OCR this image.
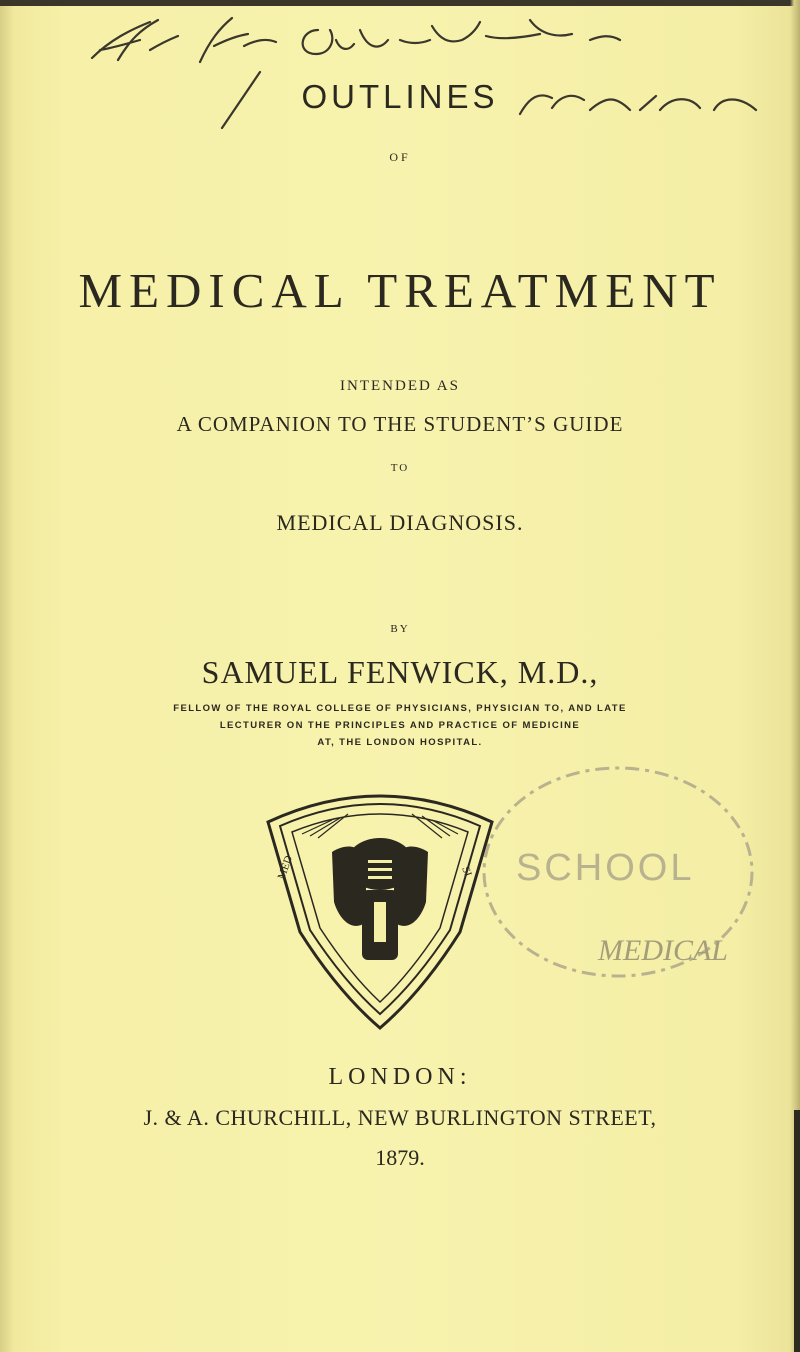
OUTLINES
OF
MEDICAL TREATMENT
INTENDED AS
A COMPANION TO THE STUDENT’S GUIDE
TO
MEDICAL DIAGNOSIS.
BY
SAMUEL FENWICK, M.D.,
FELLOW OF THE ROYAL COLLEGE OF PHYSICIANS, PHYSICIAN TO, AND LATE
LECTURER ON THE PRINCIPLES AND PRACTICE OF MEDICINE
AT, THE LONDON HOSPITAL.
MED	SI SCHOOL
MEDICAL
LONDON:
J. & A. CHURCHILL, NEW BURLINGTON STREET,
1879.
